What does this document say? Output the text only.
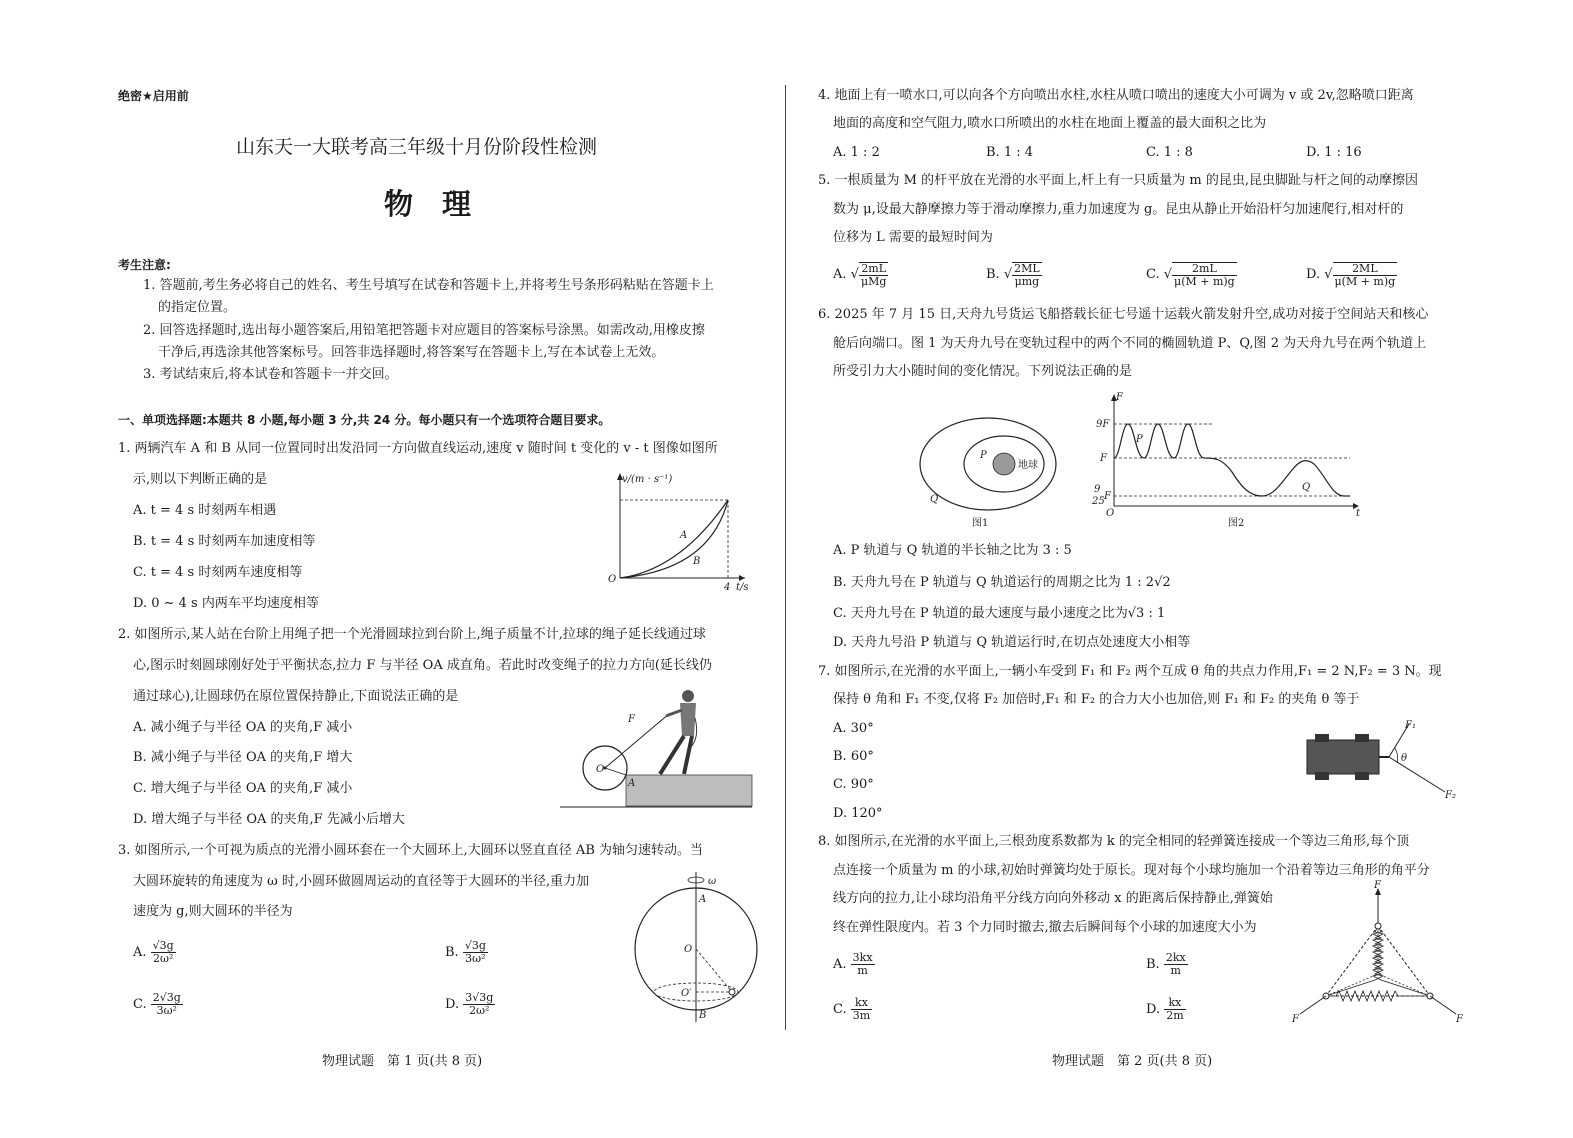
绝密★启用前
山东天一大联考高三年级十月份阶段性检测
物　理
考生注意:
1. 答题前,考生务必将自己的姓名、考生号填写在试卷和答题卡上,并将考生号条形码粘贴在答题卡上
的指定位置。
2. 回答选择题时,选出每小题答案后,用铅笔把答题卡对应题目的答案标号涂黑。如需改动,用橡皮擦
干净后,再选涂其他答案标号。回答非选择题时,将答案写在答题卡上,写在本试卷上无效。
3. 考试结束后,将本试卷和答题卡一并交回。
一、单项选择题:本题共 8 小题,每小题 3 分,共 24 分。每小题只有一个选项符合题目要求。
1. 两辆汽车 A 和 B 从同一位置同时出发沿同一方向做直线运动,速度 v 随时间 t 变化的 v - t 图像如图所
示,则以下判断正确的是
A. t = 4 s 时刻两车相遇
B. t = 4 s 时刻两车加速度相等
C. t = 4 s 时刻两车速度相等
D. 0 ~ 4 s 内两车平均速度相等
v/(m · s⁻¹)
O
4 t/s
A
B
2. 如图所示,某人站在台阶上用绳子把一个光滑圆球拉到台阶上,绳子质量不计,拉球的绳子延长线通过球
心,图示时刻圆球刚好处于平衡状态,拉力 F 与半径 OA 成直角。若此时改变绳子的拉力方向(延长线仍
通过球心),让圆球仍在原位置保持静止,下面说法正确的是
A. 减小绳子与半径 OA 的夹角,F 减小
B. 减小绳子与半径 OA 的夹角,F 增大
C. 增大绳子与半径 OA 的夹角,F 减小
D. 增大绳子与半径 OA 的夹角,F 先减小后增大
F
O
A
3. 如图所示,一个可视为质点的光滑小圆环套在一个大圆环上,大圆环以竖直直径 AB 为轴匀速转动。当
大圆环旋转的角速度为 ω 时,小圆环做圆周运动的直径等于大圆环的半径,重力加
速度为 g,则大圆环的半径为
A. $\frac{√3g}{\text{2ω²}}$	B. $\frac{√3g}{\text{3ω²}}$
C. $\frac{2√3g}{\text{3ω²}}$	D. $\frac{3√3g}{\text{2ω²}}$
ω
A
O
O′
B
物理试题　第 1 页(共 8 页)
4. 地面上有一喷水口,可以向各个方向喷出水柱,水柱从喷口喷出的速度大小可调为 v 或 2v,忽略喷口距离
地面的高度和空气阻力,喷水口所喷出的水柱在地面上覆盖的最大面积之比为
A. 1 : 2	B. 1 : 4	C. 1 : 8	D. 1 : 16
5. 一根质量为 M 的杆平放在光滑的水平面上,杆上有一只质量为 m 的昆虫,昆虫脚趾与杆之间的动摩擦因
数为 μ,设最大静摩擦力等于滑动摩擦力,重力加速度为 g。昆虫从静止开始沿杆匀加速爬行,相对杆的
位移为 L 需要的最短时间为
A. √ $\frac{2mL}{\text{μMg}}$	B. √ $\frac{2ML}{\text{μmg}}$	C. √ $\frac{2mL}{\mu(M + m)g}$	D. √ $\frac{2ML}{\mu(M + m)g}$
6. 2025 年 7 月 15 日,天舟九号货运飞船搭载长征七号遥十运载火箭发射升空,成功对接于空间站天和核心
舱后向端口。图 1 为天舟九号在变轨过程中的两个不同的椭圆轨道 P、Q,图 2 为天舟九号在两个轨道上
所受引力大小随时间的变化情况。下列说法正确的是
P
地球
Q
图1
F
9F
F
9
25 F
O	t
P
Q
图2
A. P 轨道与 Q 轨道的半长轴之比为 3 : 5
B. 天舟九号在 P 轨道与 Q 轨道运行的周期之比为 1 : 2√2
C. 天舟九号在 P 轨道的最大速度与最小速度之比为√3 : 1
D. 天舟九号沿 P 轨道与 Q 轨道运行时,在切点处速度大小相等
7. 如图所示,在光滑的水平面上,一辆小车受到 F₁ 和 F₂ 两个互成 θ 角的共点力作用,F₁ = 2 N,F₂ = 3 N。现
保持 θ 角和 F₁ 不变,仅将 F₂ 加倍时,F₁ 和 F₂ 的合力大小也加倍,则 F₁ 和 F₂ 的夹角 θ 等于
A. 30°
B. 60°
C. 90°
D. 120°
F₁
F₂
θ
8. 如图所示,在光滑的水平面上,三根劲度系数都为 k 的完全相同的轻弹簧连接成一个等边三角形,每个顶
点连接一个质量为 m 的小球,初始时弹簧均处于原长。现对每个小球均施加一个沿着等边三角形的角平分
线方向的拉力,让小球均沿角平分线方向向外移动 x 的距离后保持静止,弹簧始
终在弹性限度内。若 3 个力同时撤去,撤去后瞬间每个小球的加速度大小为
A. $\frac{3kx}{m}$	B. $\frac{2kx}{m}$
C. $\frac{kx}{3m}$	D. $\frac{kx}{2m}$
F
F	F
物理试题　第 2 页(共 8 页)
